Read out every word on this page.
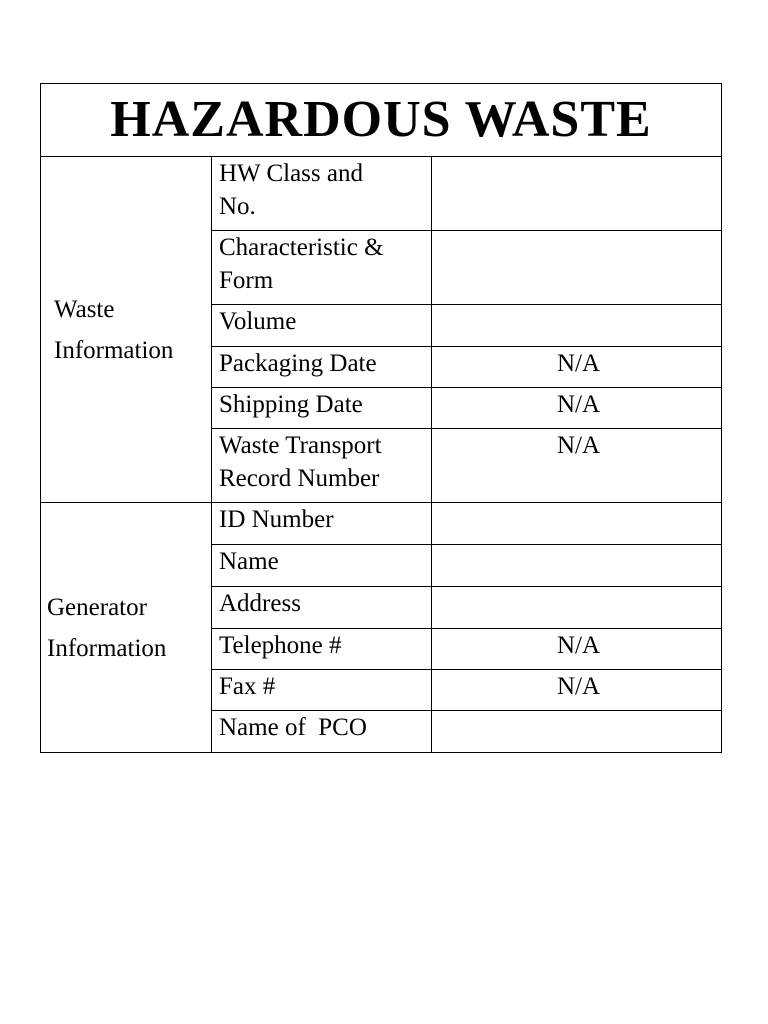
HAZARDOUS WASTE		

Waste
Information	HW Class and
No.	

	Characteristic &
Form	

	Volume	
	Packaging Date	N/A
	Shipping Date	N/A

	Waste Transport
Record Number	N/A

Generator
Information	ID Number	
	Name	
	Address	
	Telephone #	N/A
	Fax #	N/A
	Name of  PCO	
